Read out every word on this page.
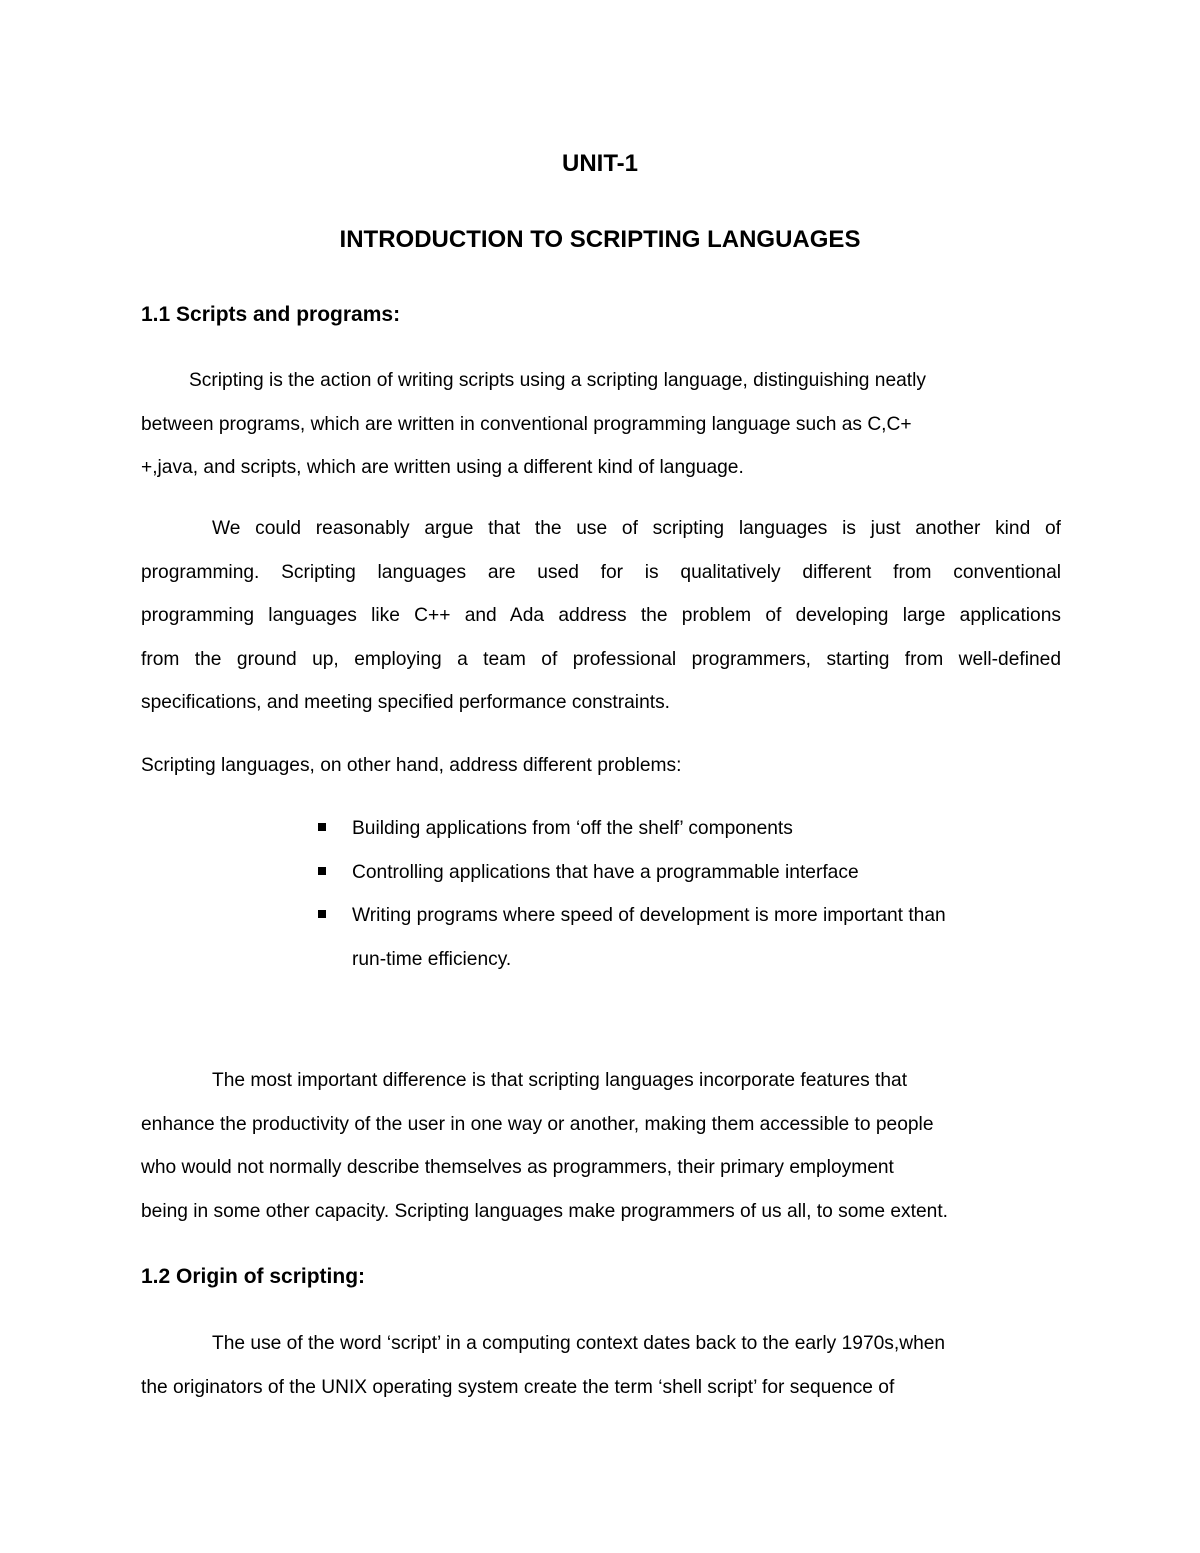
UNIT-1
INTRODUCTION TO SCRIPTING LANGUAGES
1.1 Scripts and programs:
Scripting is the action of writing scripts using a scripting language, distinguishing neatly
between programs, which are written in conventional programming language such as C,C+
+,java, and scripts, which are written using a different kind of language.
We could reasonably argue that the use of scripting languages is just another kind of
programming. Scripting languages are used for is qualitatively different from conventional
programming languages like C++ and Ada address the problem of developing large applications
from the ground up, employing a team of professional programmers, starting from well-defined
specifications, and meeting specified performance constraints.
Scripting languages, on other hand, address different problems:
Building applications from ‘off the shelf’ components
Controlling applications that have a programmable interface
Writing programs where speed of development is more important than
run-time efficiency.
The most important difference is that scripting languages incorporate features that
enhance the productivity of the user in one way or another, making them accessible to people
who would not normally describe themselves as programmers, their primary employment
being in some other capacity. Scripting languages make programmers of us all, to some extent.
1.2 Origin of scripting:
The use of the word ‘script’ in a computing context dates back to the early 1970s,when
the originators of the UNIX operating system create the term ‘shell script’ for sequence of
